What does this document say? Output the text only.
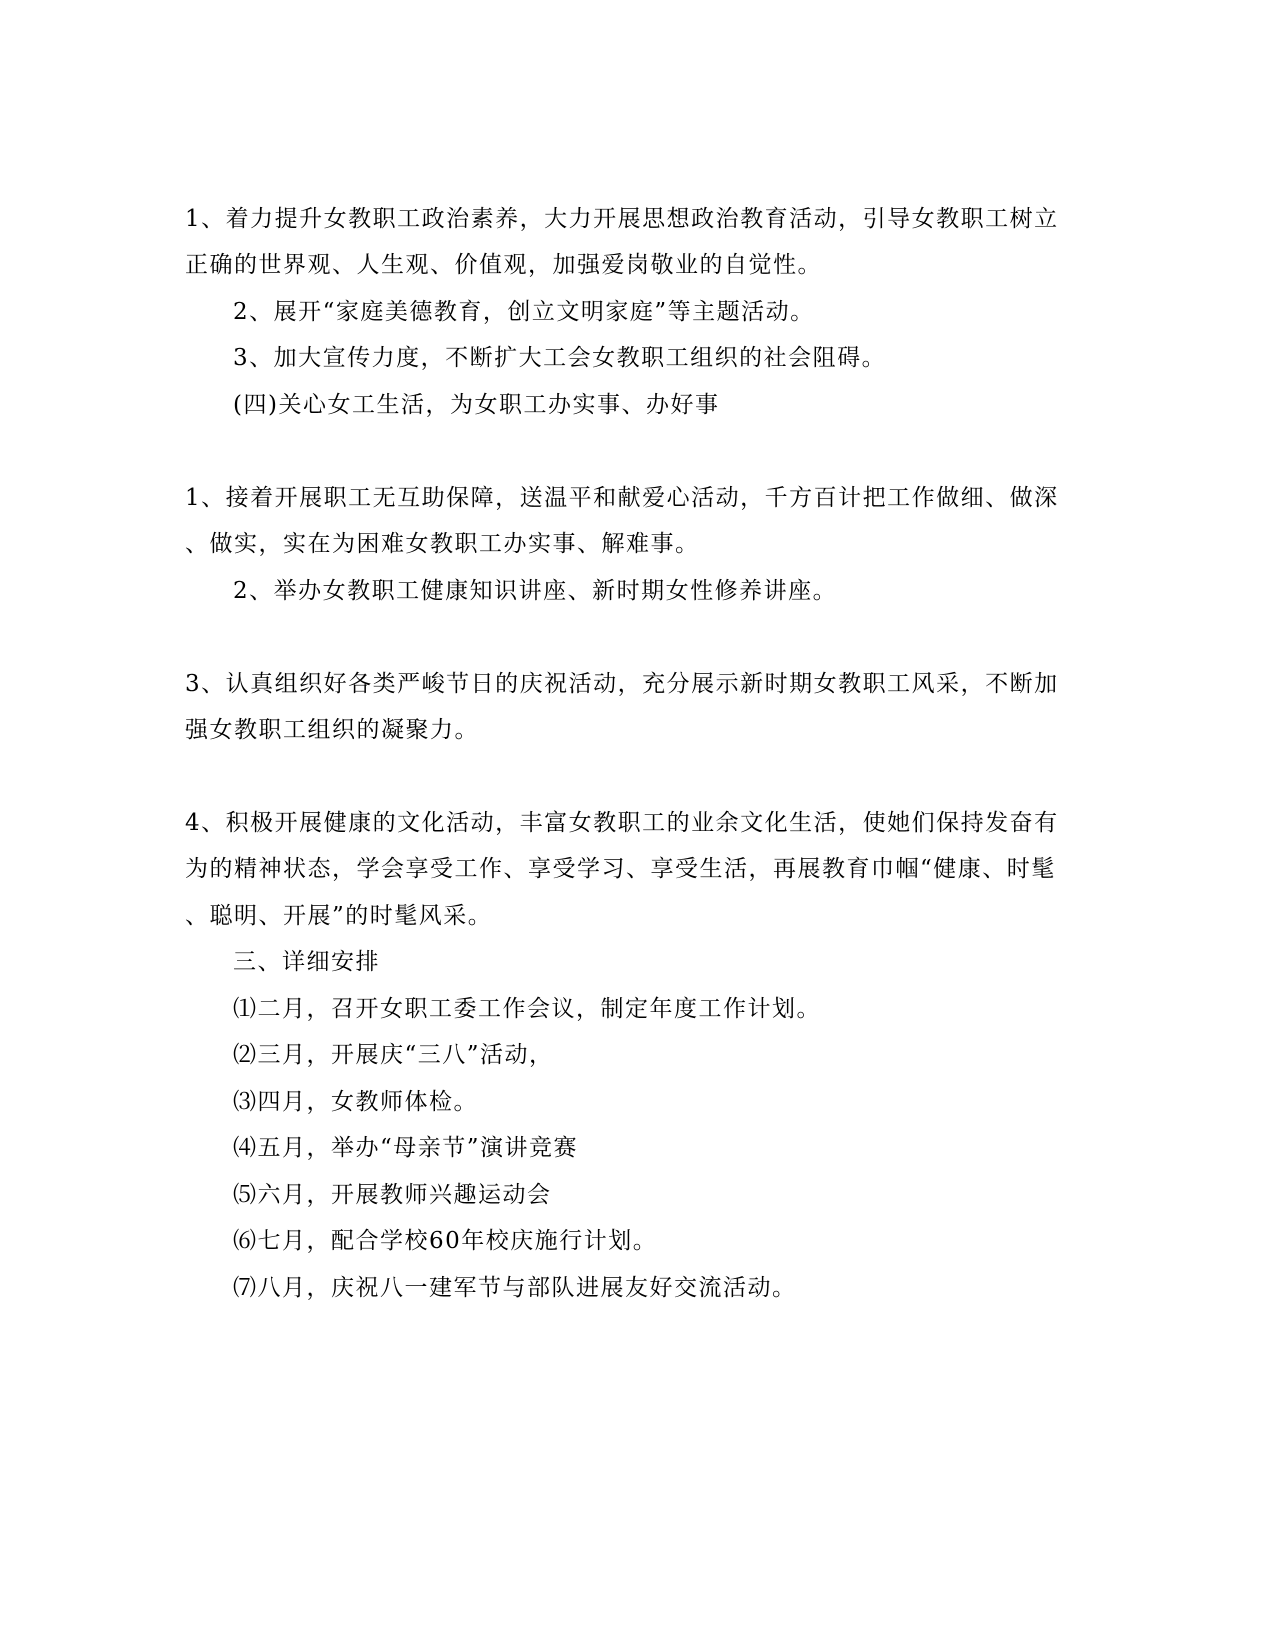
1、着力提升女教职工政治素养，大力开展思想政治教育活动，引导女教职工树立
正确的世界观、人生观、价值观，加强爱岗敬业的自觉性。
2、展开“家庭美德教育，创立文明家庭”等主题活动。
3、加大宣传力度，不断扩大工会女教职工组织的社会阻碍。
(四)关心女工生活，为女职工办实事、办好事
1、接着开展职工无互助保障，送温平和献爱心活动，千方百计把工作做细、做深
、做实，实在为困难女教职工办实事、解难事。
2、举办女教职工健康知识讲座、新时期女性修养讲座。
3、认真组织好各类严峻节日的庆祝活动，充分展示新时期女教职工风采，不断加
强女教职工组织的凝聚力。
4、积极开展健康的文化活动，丰富女教职工的业余文化生活，使她们保持发奋有
为的精神状态，学会享受工作、享受学习、享受生活，再展教育巾帼“健康、时髦
、聪明、开展”的时髦风采。
三、详细安排
⑴二月，召开女职工委工作会议，制定年度工作计划。
⑵三月，开展庆“三八”活动，
⑶四月，女教师体检。
⑷五月，举办“母亲节”演讲竞赛
⑸六月，开展教师兴趣运动会
⑹七月，配合学校60年校庆施行计划。
⑺八月，庆祝八一建军节与部队进展友好交流活动。
